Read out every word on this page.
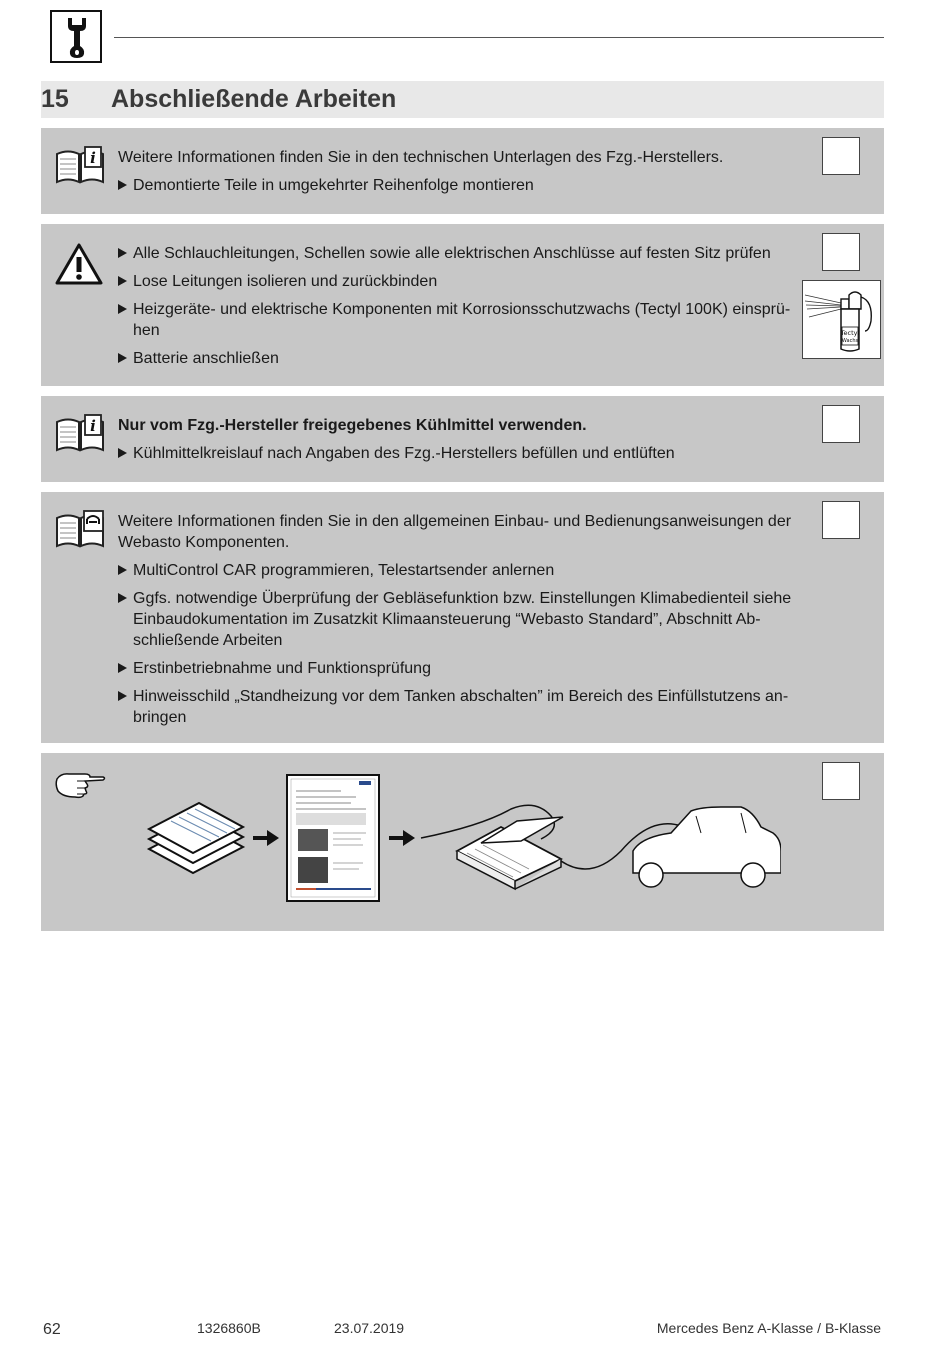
15	Abschließende Arbeiten
i Weitere Informationen finden Sie in den technischen Unterlagen des Fzg.-Herstellers.

Demontierte Teile in umgekehrter Reihenfolge montieren
Alle Schlauchleitungen, Schellen sowie alle elektrischen Anschlüsse auf festen Sitz prüfen
Lose Leitungen isolieren und zurückbinden
Heizgeräte- und elektrische Komponenten mit Korrosionsschutzwachs (Tectyl 100K) einsprü-hen
Batterie anschließen
Tectyl
Wachs
i Nur vom Fzg.-Hersteller freigegebenes Kühlmittel verwenden.

Kühlmittelkreislauf nach Angaben des Fzg.-Herstellers befüllen und entlüften

Weitere Informationen finden Sie in den allgemeinen Einbau- und Bedienungsanweisungen der Webasto Komponenten.

MultiControl CAR programmieren, Telestartsender anlernen
Ggfs. notwendige Überprüfung der Gebläsefunktion bzw. Einstellungen Klimabedienteil siehe Einbaudokumentation im Zusatzkit Klimaansteuerung “Webasto Standard”, Abschnitt Ab-schließende Arbeiten
Erstinbetriebnahme und Funktionsprüfung
Hinweisschild „Standheizung vor dem Tanken abschalten” im Bereich des Einfüllstutzens an-bringen
62	1326860B	23.07.2019	Mercedes Benz A-Klasse / B-Klasse
